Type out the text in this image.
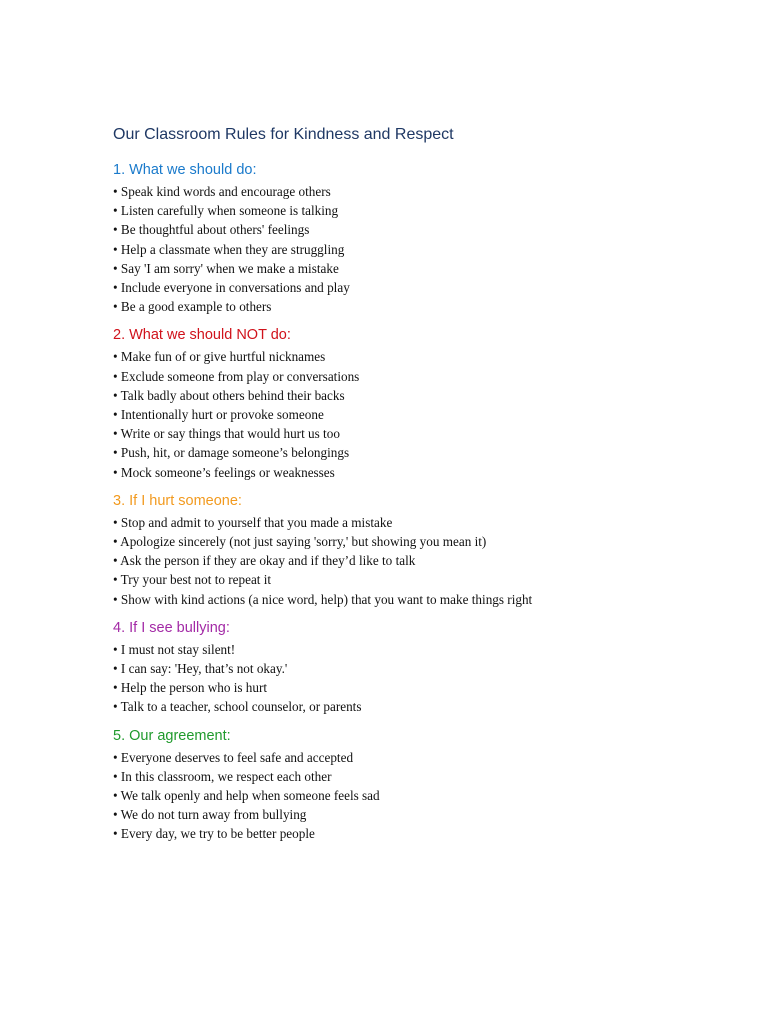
Our Classroom Rules for Kindness and Respect
1. What we should do:
• Speak kind words and encourage others
• Listen carefully when someone is talking
• Be thoughtful about others' feelings
• Help a classmate when they are struggling
• Say 'I am sorry' when we make a mistake
• Include everyone in conversations and play
• Be a good example to others
2. What we should NOT do:
• Make fun of or give hurtful nicknames
• Exclude someone from play or conversations
• Talk badly about others behind their backs
• Intentionally hurt or provoke someone
• Write or say things that would hurt us too
• Push, hit, or damage someone’s belongings
• Mock someone’s feelings or weaknesses
3. If I hurt someone:
• Stop and admit to yourself that you made a mistake
• Apologize sincerely (not just saying 'sorry,' but showing you mean it)
• Ask the person if they are okay and if they’d like to talk
• Try your best not to repeat it
• Show with kind actions (a nice word, help) that you want to make things right
4. If I see bullying:
• I must not stay silent!
• I can say: 'Hey, that’s not okay.'
• Help the person who is hurt
• Talk to a teacher, school counselor, or parents
5. Our agreement:
• Everyone deserves to feel safe and accepted
• In this classroom, we respect each other
• We talk openly and help when someone feels sad
• We do not turn away from bullying
• Every day, we try to be better people
